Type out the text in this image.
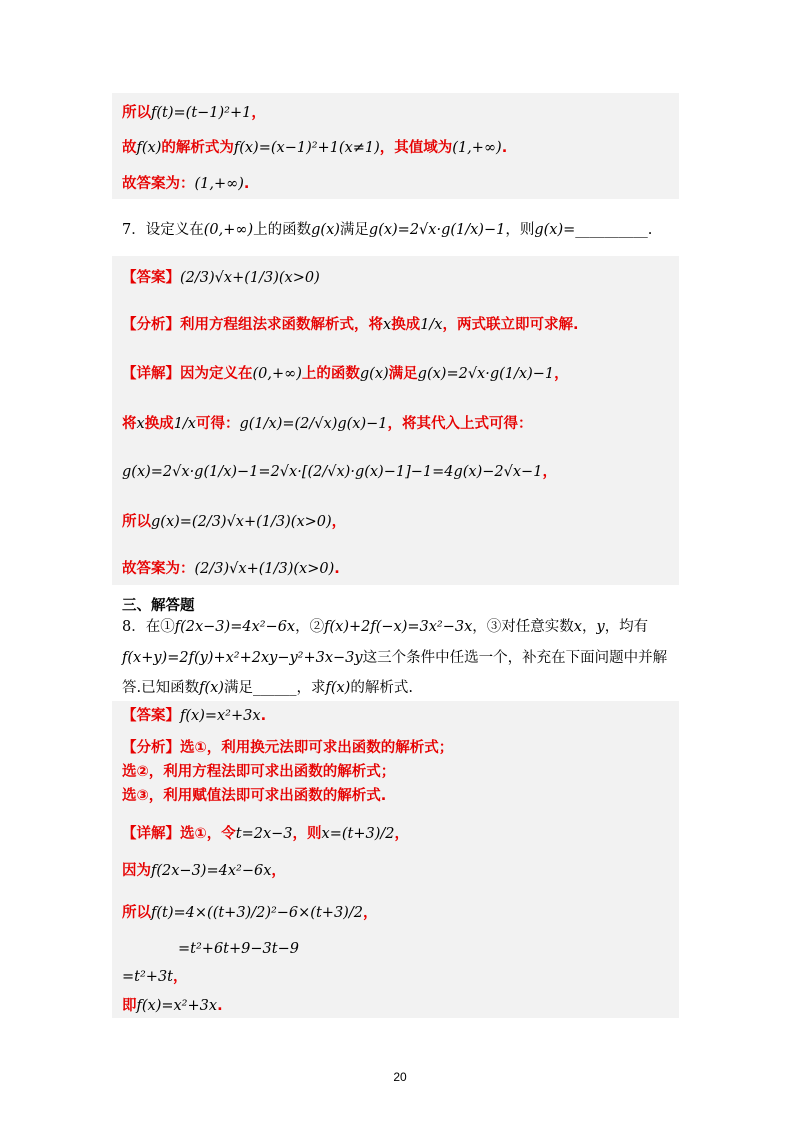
所以f(t)=(t−1)²+1，
故f(x)的解析式为f(x)=(x−1)²+1(x≠1)，其值域为(1,+∞).
故答案为：(1,+∞).
7．设定义在(0,+∞)上的函数g(x)满足g(x)=2√x·g(1/x)−1，则g(x)=__________.
【答案】(2/3)√x+(1/3)(x>0)
【分析】利用方程组法求函数解析式，将x换成1/x，两式联立即可求解.
【详解】因为定义在(0,+∞)上的函数g(x)满足g(x)=2√x·g(1/x)−1，
将x换成1/x可得：g(1/x)=(2/√x)g(x)−1，将其代入上式可得：
g(x)=2√x·g(1/x)−1=2√x·[(2/√x)·g(x)−1]−1=4g(x)−2√x−1，
所以g(x)=(2/3)√x+(1/3)(x>0)，
故答案为：(2/3)√x+(1/3)(x>0).
三、解答题
8．在①f(2x−3)=4x²−6x，②f(x)+2f(−x)=3x²−3x，③对任意实数x，y，均有
f(x+y)=2f(y)+x²+2xy−y²+3x−3y这三个条件中任选一个，补充在下面问题中并解
答.已知函数f(x)满足______，求f(x)的解析式.
【答案】f(x)=x²+3x.
【分析】选①，利用换元法即可求出函数的解析式；
选②，利用方程法即可求出函数的解析式；
选③，利用赋值法即可求出函数的解析式.
【详解】选①，令t=2x−3，则x=(t+3)/2，
因为f(2x−3)=4x²−6x，
所以f(t)=4×((t+3)/2)²−6×(t+3)/2，
=t²+6t+9−3t−9
=t²+3t，
即f(x)=x²+3x.
20
